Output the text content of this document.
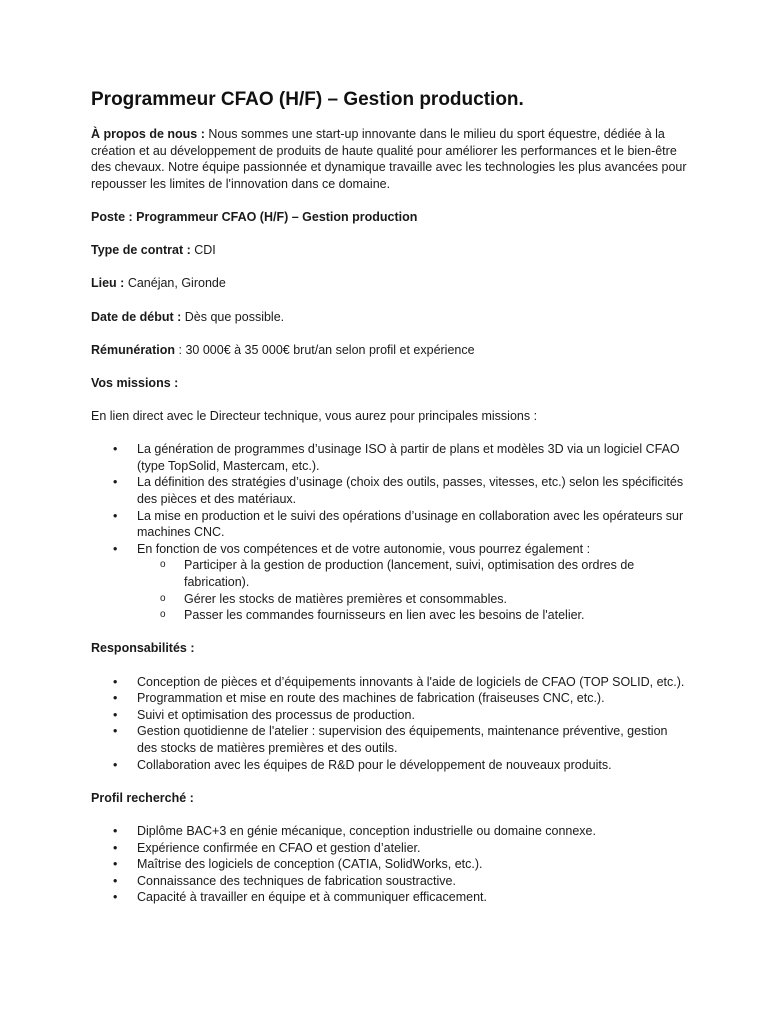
Programmeur CFAO (H/F) – Gestion production.

À propos de nous : Nous sommes une start-up innovante dans le milieu du sport équestre, dédiée à la création et au développement de produits de haute qualité pour améliorer les performances et le bien-être des chevaux. Notre équipe passionnée et dynamique travaille avec les technologies les plus avancées pour repousser les limites de l'innovation dans ce domaine.

Poste : Programmeur CFAO (H/F) – Gestion production

Type de contrat : CDI

Lieu : Canéjan, Gironde

Date de début : Dès que possible.

Rémunération : 30 000€ à 35 000€ brut/an selon profil et expérience

Vos missions :

En lien direct avec le Directeur technique, vous aurez pour principales missions :

• La génération de programmes d’usinage ISO à partir de plans et modèles 3D via un logiciel CFAO (type TopSolid, Mastercam, etc.).
• La définition des stratégies d’usinage (choix des outils, passes, vitesses, etc.) selon les spécificités des pièces et des matériaux.
• La mise en production et le suivi des opérations d’usinage en collaboration avec les opérateurs sur machines CNC.
• En fonction de vos compétences et de votre autonomie, vous pourrez également :
o Participer à la gestion de production (lancement, suivi, optimisation des ordres de fabrication).
o Gérer les stocks de matières premières et consommables.
o Passer les commandes fournisseurs en lien avec les besoins de l'atelier.

Responsabilités :

• Conception de pièces et d’équipements innovants à l'aide de logiciels de CFAO (TOP SOLID, etc.).
• Programmation et mise en route des machines de fabrication (fraiseuses CNC, etc.).
• Suivi et optimisation des processus de production.
• Gestion quotidienne de l'atelier : supervision des équipements, maintenance préventive, gestion des stocks de matières premières et des outils.
• Collaboration avec les équipes de R&D pour le développement de nouveaux produits.

Profil recherché :

• Diplôme BAC+3 en génie mécanique, conception industrielle ou domaine connexe.
• Expérience confirmée en CFAO et gestion d’atelier.
• Maîtrise des logiciels de conception (CATIA, SolidWorks, etc.).
• Connaissance des techniques de fabrication soustractive.
• Capacité à travailler en équipe et à communiquer efficacement.
